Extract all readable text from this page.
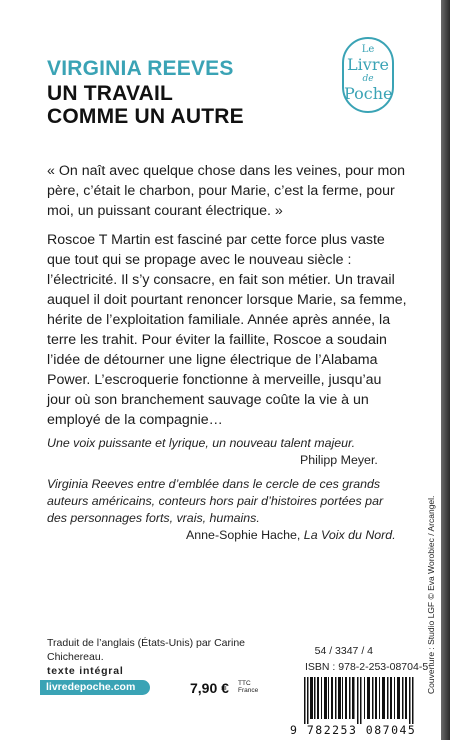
VIRGINIA REEVES
UN TRAVAIL
COMME UN AUTRE
Le
Livre
de
Poche
« On naît avec quelque chose dans les veines, pour mon père, c’était le charbon, pour Marie, c’est la ferme, pour moi, un puissant courant électrique. »
Roscoe T Martin est fasciné par cette force plus vaste que tout qui se propage avec le nouveau siècle : l’électricité. Il s’y consacre, en fait son métier. Un travail auquel il doit pourtant renoncer lorsque Marie, sa femme, hérite de l’exploitation familiale. Année après année, la terre les trahit. Pour éviter la faillite, Roscoe a soudain l’idée de détourner une ligne électrique de l’Alabama Power. L’escroquerie fonctionne à merveille, jusqu’au jour où son branchement sauvage coûte la vie à un employé de la compagnie…
Une voix puissante et lyrique, un nouveau talent majeur.
Philipp Meyer.
Virginia Reeves entre d’emblée dans le cercle de ces grands auteurs américains, conteurs hors pair d’histoires portées par des personnages forts, vrais, humains.
Anne-Sophie Hache, La Voix du Nord.
Traduit de l’anglais (États-Unis) par Carine Chichereau.
texte intégral
livredepoche.com	7,90 € TTC
France
54 / 3347 / 4
ISBN : 978-2-253-08704-5
9 782253 087045
Couverture : Studio LGF © Eva Worobiec / Arcangel.
